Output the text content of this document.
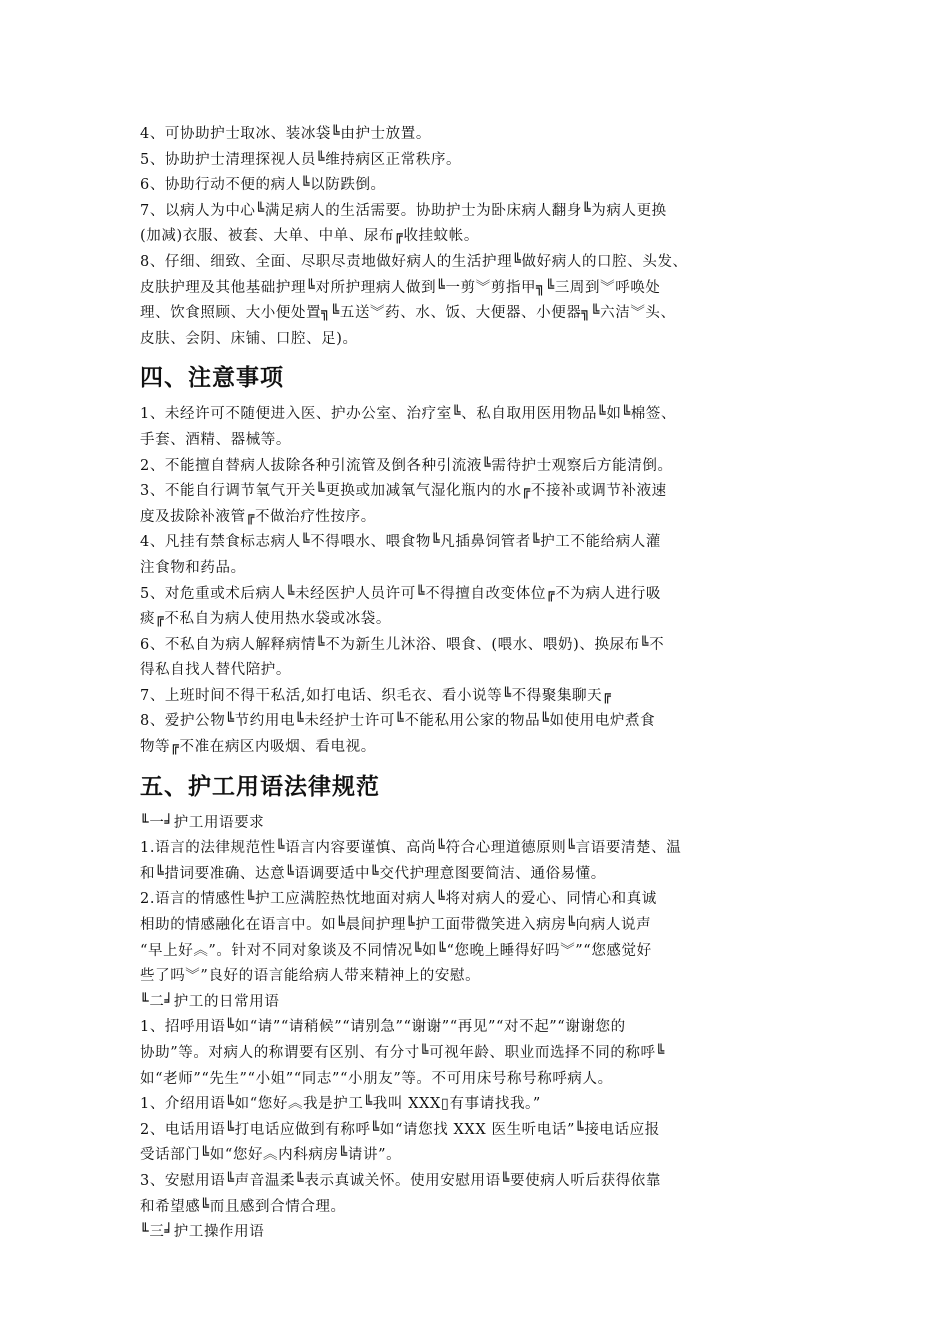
4、可协助护士取冰、装冰袋╚由护士放置。
5、协助护士清理探视人员╚维持病区正常秩序。
6、协助行动不便的病人╚以防跌倒。
7、以病人为中心╚满足病人的生活需要。协助护士为卧床病人翻身╚为病人更换
(加减)衣服、被套、大单、中单、尿布╔收挂蚊帐。
8、仔细、细致、全面、尽职尽责地做好病人的生活护理╚做好病人的口腔、头发、
皮肤护理及其他基础护理╚对所护理病人做到╚一剪︾剪指甲╗╚三周到︾呼唤处
理、饮食照顾、大小便处置╗╚五送︾药、水、饭、大便器、小便器╗╚六洁︾头、
皮肤、会阴、床铺、口腔、足)。
四、注意事项
1、未经许可不随便进入医、护办公室、治疗室╚、私自取用医用物品╚如╚棉签、
手套、酒精、器械等。
2、不能擅自替病人拔除各种引流管及倒各种引流液╚需待护士观察后方能清倒。
3、不能自行调节氧气开关╚更换或加减氧气湿化瓶内的水╔不接补或调节补液速
度及拔除补液管╔不做治疗性按序。
4、凡挂有禁食标志病人╚不得喂水、喂食物╚凡插鼻饲管者╚护工不能给病人灌
注食物和药品。
5、对危重或术后病人╚未经医护人员许可╚不得擅自改变体位╔不为病人进行吸
痰╔不私自为病人使用热水袋或冰袋。
6、不私自为病人解释病情╚不为新生儿沐浴、喂食、(喂水、喂奶)、换尿布╚不
得私自找人替代陪护。
7、上班时间不得干私活,如打电话、织毛衣、看小说等╚不得聚集聊天╔
8、爱护公物╚节约用电╚未经护士许可╚不能私用公家的物品╚如使用电炉煮食
物等╔不准在病区内吸烟、看电视。
五、护工用语法律规范
╙一╛护工用语要求
1.语言的法律规范性╚语言内容要谨慎、高尚╚符合心理道德原则╚言语要清楚、温
和╚措词要准确、达意╚语调要适中╚交代护理意图要简洁、通俗易懂。
2.语言的情感性╚护工应满腔热忱地面对病人╚将对病人的爱心、同情心和真诚
相助的情感融化在语言中。如╚晨间护理╚护工面带微笑进入病房╚向病人说声
“早上好︽”。针对不同对象谈及不同情况╚如╚“您晚上睡得好吗︾”“您感觉好
些了吗︾”良好的语言能给病人带来精神上的安慰。
╙二╛护工的日常用语
1、招呼用语╚如“请”“请稍候”“请别急”“谢谢”“再见”“对不起”“谢谢您的
协助”等。对病人的称谓要有区别、有分寸╚可视年龄、职业而选择不同的称呼╚
如“老师”“先生”“小姐”“同志”“小朋友”等。不可用床号称号称呼病人。
1、介绍用语╚如“您好︽我是护工╚我叫 XXX▯有事请找我。”
2、电话用语╚打电话应做到有称呼╚如“请您找 XXX 医生听电话”╚接电话应报
受话部门╚如“您好︽内科病房╚请讲”。
3、安慰用语╚声音温柔╚表示真诚关怀。使用安慰用语╚要使病人听后获得依靠
和希望感╚而且感到合情合理。
╙三╛护工操作用语
